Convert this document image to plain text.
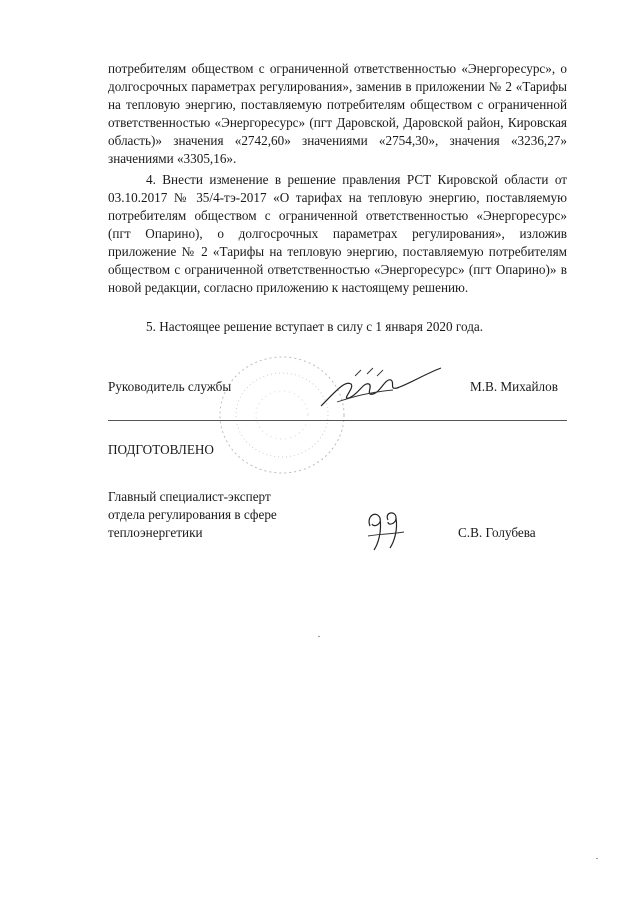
потребителям обществом с ограниченной ответственностью «Энергоресурс», о долгосрочных параметрах регулирования», заменив в приложении № 2 «Тарифы на тепловую энергию, поставляемую потребителям обществом с ограниченной ответственностью «Энергоресурс» (пгт Даровской, Даровской район, Кировская область)» значения «2742,60» значениями «2754,30», значения «3236,27» значениями «3305,16».

4. Внести изменение в решение правления РСТ Кировской области от 03.10.2017 № 35/4-тэ-2017 «О тарифах на тепловую энергию, поставляемую потребителям обществом с ограниченной ответственностью «Энергоресурс» (пгт Опарино), о долгосрочных параметрах регулирования», изложив приложение № 2 «Тарифы на тепловую энергию, поставляемую потребителям обществом с ограниченной ответственностью «Энергоресурс» (пгт Опарино)» в новой редакции, согласно приложению к настоящему решению.

5. Настоящее решение вступает в силу с 1 января 2020 года.

Руководитель службы	М.В. Михайлов
ПОДГОТОВЛЕНО
Главный специалист-эксперт
отдела регулирования в сфере
теплоэнергетики	С.В. Голубева
